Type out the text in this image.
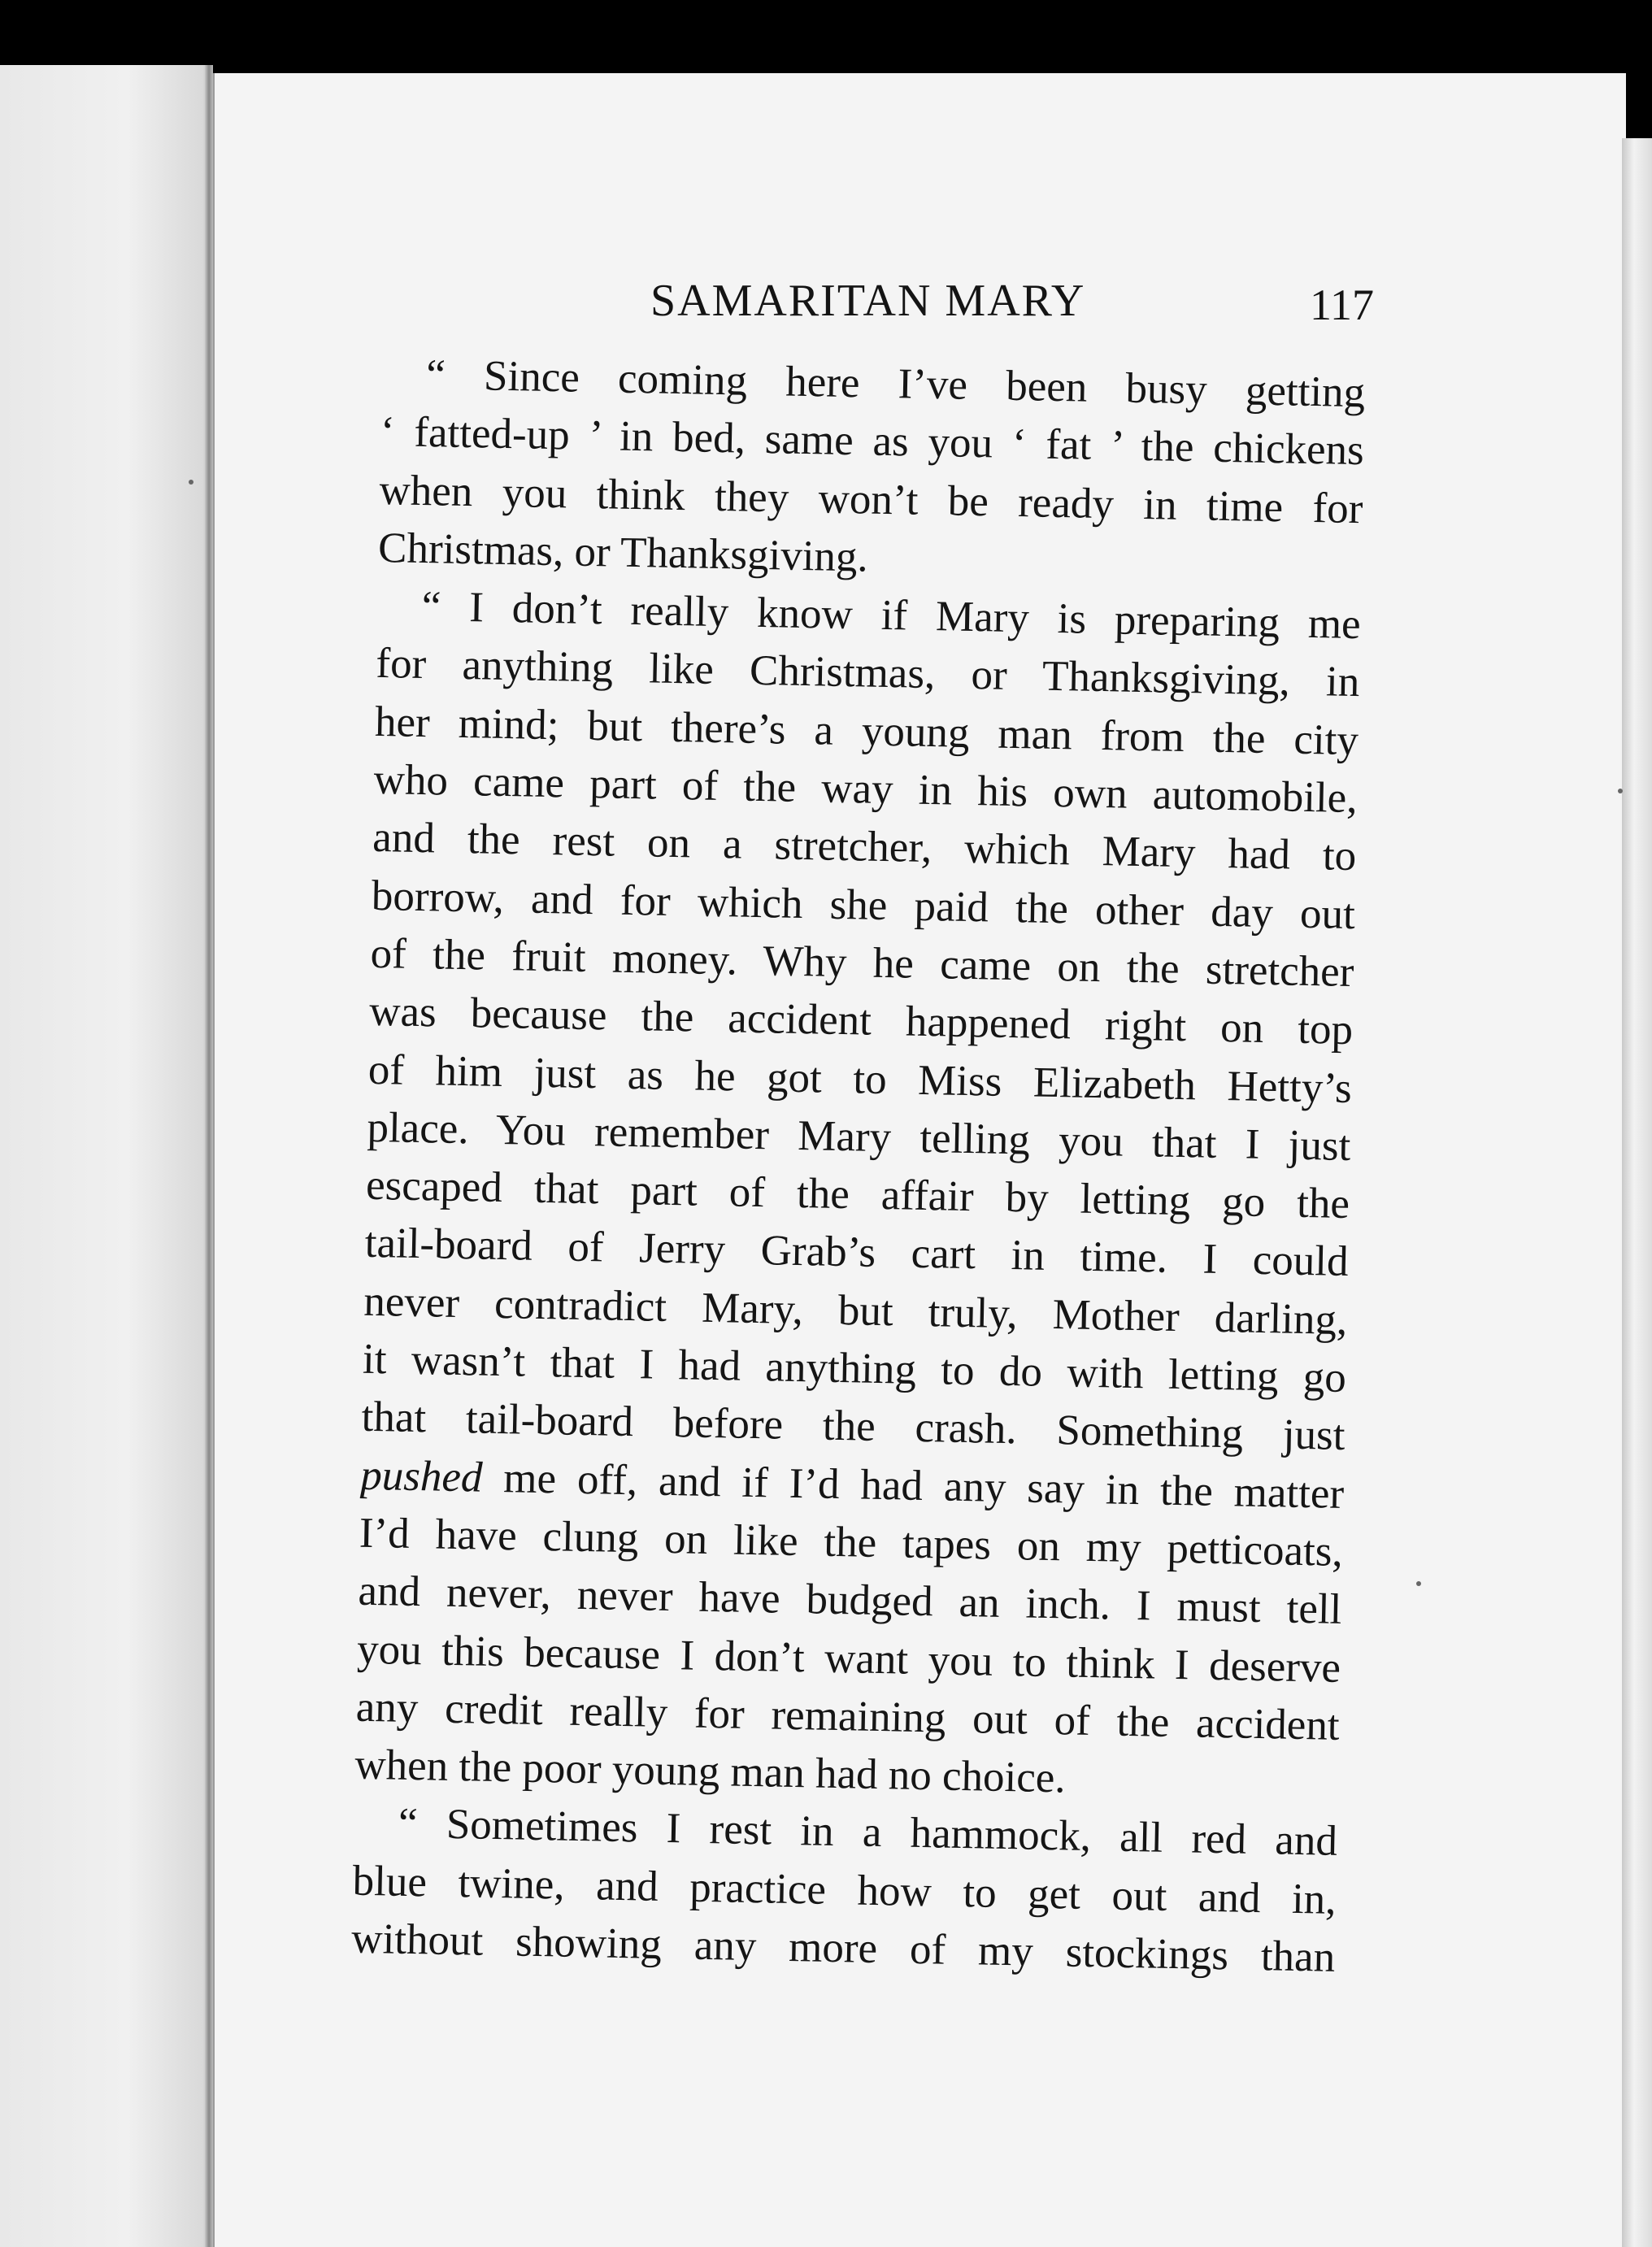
SAMARITAN MARY	117
“ Since coming here I’ve been busy getting
‘ fatted-up ’ in bed, same as you ‘ fat ’ the chickens
when you think they won’t be ready in time for
Christmas, or Thanksgiving.
“ I don’t really know if Mary is preparing me
for anything like Christmas, or Thanksgiving, in
her mind; but there’s a young man from the city
who came part of the way in his own automobile,
and the rest on a stretcher, which Mary had to
borrow, and for which she paid the other day out
of the fruit money. Why he came on the stretcher
was because the accident happened right on top
of him just as he got to Miss Elizabeth Hetty’s
place. You remember Mary telling you that I just
escaped that part of the affair by letting go the
tail-board of Jerry Grab’s cart in time. I could
never contradict Mary, but truly, Mother darling,
it wasn’t that I had anything to do with letting go
that tail-board before the crash. Something just
pushed me off, and if I’d had any say in the matter
I’d have clung on like the tapes on my petticoats,
and never, never have budged an inch. I must tell
you this because I don’t want you to think I deserve
any credit really for remaining out of the accident
when the poor young man had no choice.
“ Sometimes I rest in a hammock, all red and
blue twine, and practice how to get out and in,
without showing any more of my stockings than
